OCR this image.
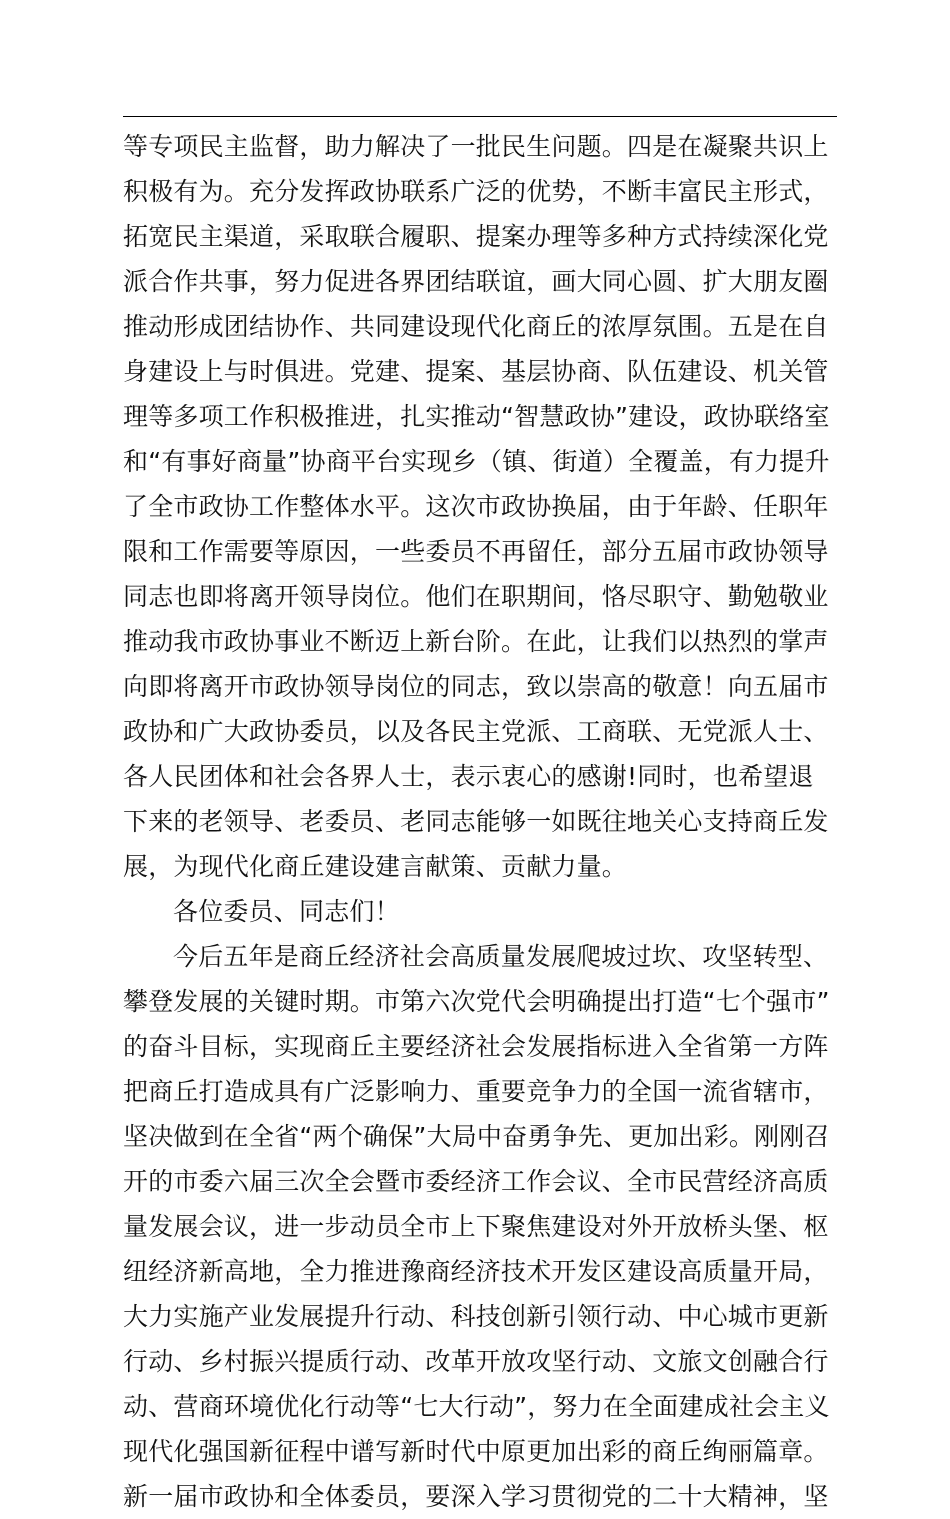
等专项民主监督，助力解决了一批民生问题。四是在凝聚共识上
积极有为。充分发挥政协联系广泛的优势，不断丰富民主形式，
拓宽民主渠道，采取联合履职、提案办理等多种方式持续深化党
派合作共事，努力促进各界团结联谊，画大同心圆、扩大朋友圈
推动形成团结协作、共同建设现代化商丘的浓厚氛围。五是在自
身建设上与时俱进。党建、提案、基层协商、队伍建设、机关管
理等多项工作积极推进，扎实推动“智慧政协”建设，政协联络室
和“有事好商量”协商平台实现乡（镇、街道）全覆盖，有力提升
了全市政协工作整体水平。这次市政协换届，由于年龄、任职年
限和工作需要等原因，一些委员不再留任，部分五届市政协领导
同志也即将离开领导岗位。他们在职期间，恪尽职守、勤勉敬业
推动我市政协事业不断迈上新台阶。在此，让我们以热烈的掌声
向即将离开市政协领导岗位的同志，致以崇高的敬意！向五届市
政协和广大政协委员，以及各民主党派、工商联、无党派人士、
各人民团体和社会各界人士，表示衷心的感谢!同时，也希望退
下来的老领导、老委员、老同志能够一如既往地关心支持商丘发
展，为现代化商丘建设建言献策、贡献力量。
各位委员、同志们！
今后五年是商丘经济社会高质量发展爬坡过坎、攻坚转型、
攀登发展的关键时期。市第六次党代会明确提出打造“七个强市”
的奋斗目标，实现商丘主要经济社会发展指标进入全省第一方阵
把商丘打造成具有广泛影响力、重要竞争力的全国一流省辖市，
坚决做到在全省“两个确保”大局中奋勇争先、更加出彩。刚刚召
开的市委六届三次全会暨市委经济工作会议、全市民营经济高质
量发展会议，进一步动员全市上下聚焦建设对外开放桥头堡、枢
纽经济新高地，全力推进豫商经济技术开发区建设高质量开局，
大力实施产业发展提升行动、科技创新引领行动、中心城市更新
行动、乡村振兴提质行动、改革开放攻坚行动、文旅文创融合行
动、营商环境优化行动等“七大行动”，努力在全面建成社会主义
现代化强国新征程中谱写新时代中原更加出彩的商丘绚丽篇章。
新一届市政协和全体委员，要深入学习贯彻党的二十大精神，坚
